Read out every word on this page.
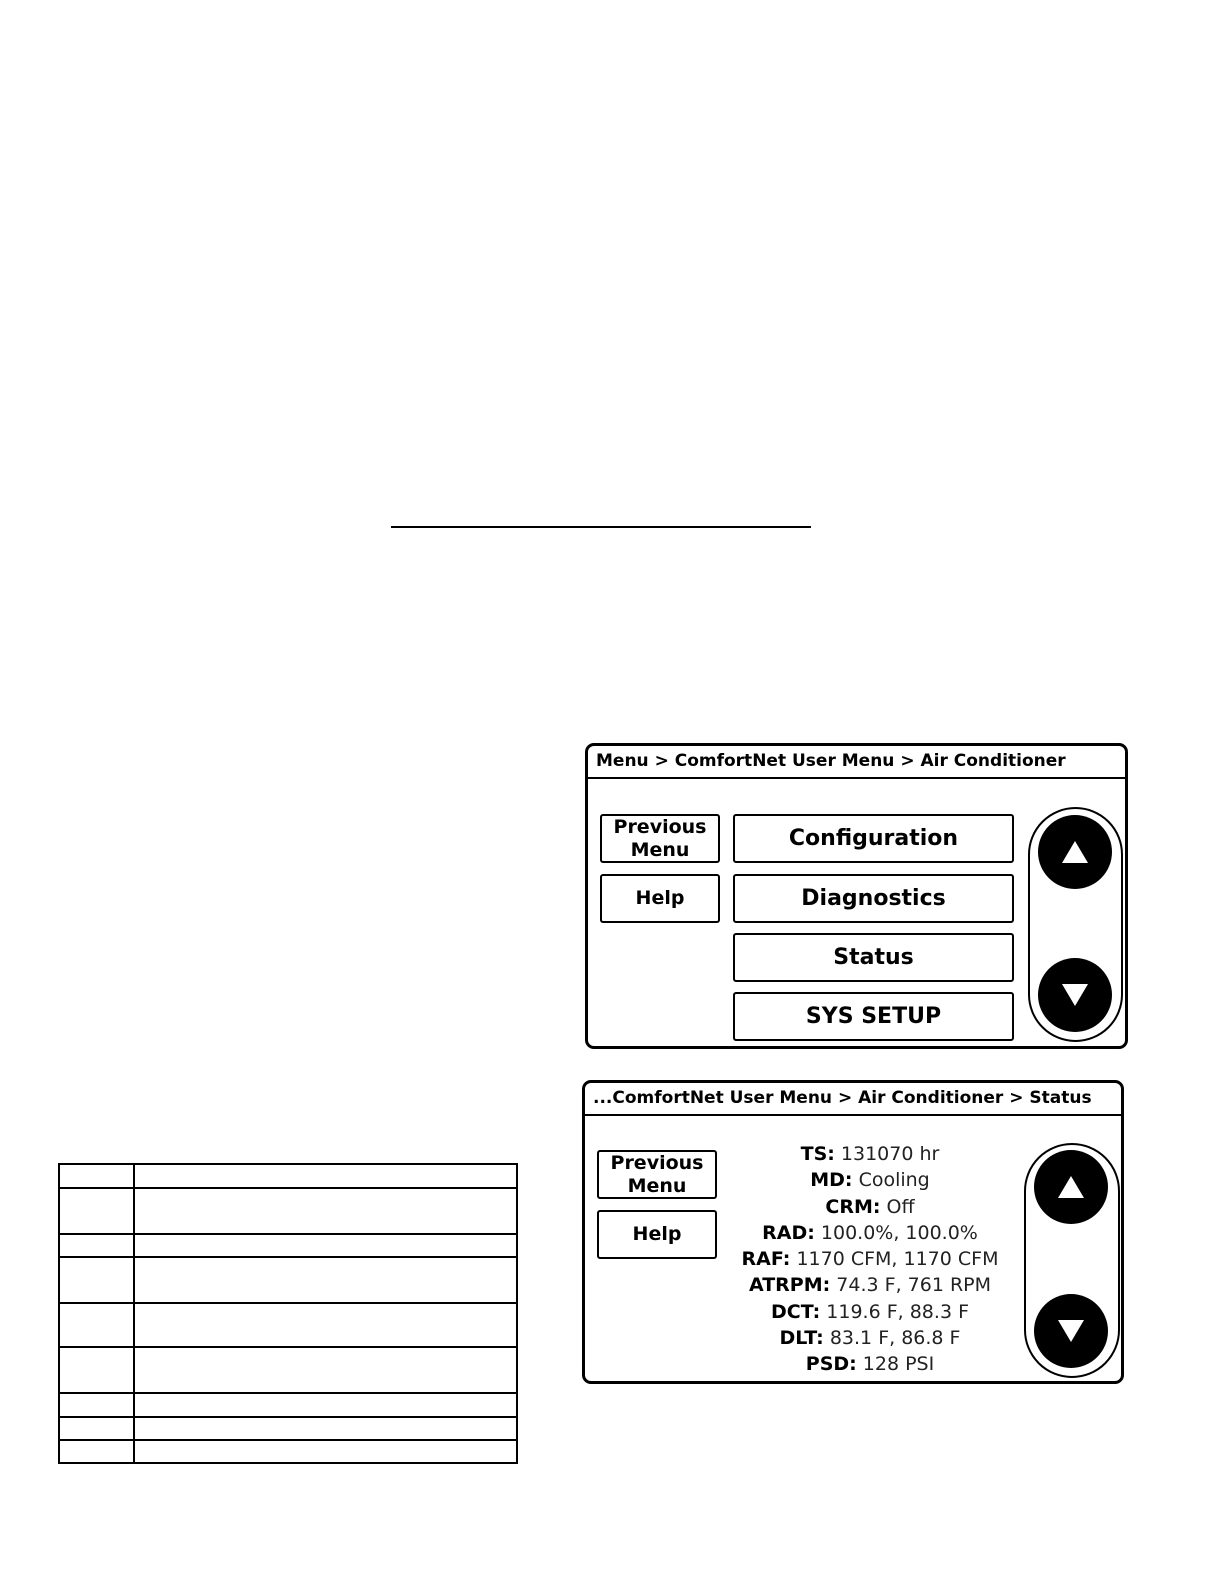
Menu > ComfortNet User Menu > Air Conditioner
Previous Menu
Help
Configuration
Diagnostics
Status
SYS SETUP
...ComfortNet User Menu > Air Conditioner > Status
Previous Menu
Help
TS: 131070 hr
MD: Cooling
CRM: Off
RAD: 100.0%, 100.0%
RAF: 1170 CFM, 1170 CFM
ATRPM: 74.3 F, 761 RPM
DCT: 119.6 F, 88.3 F
DLT: 83.1 F, 86.8 F
PSD: 128 PSI
